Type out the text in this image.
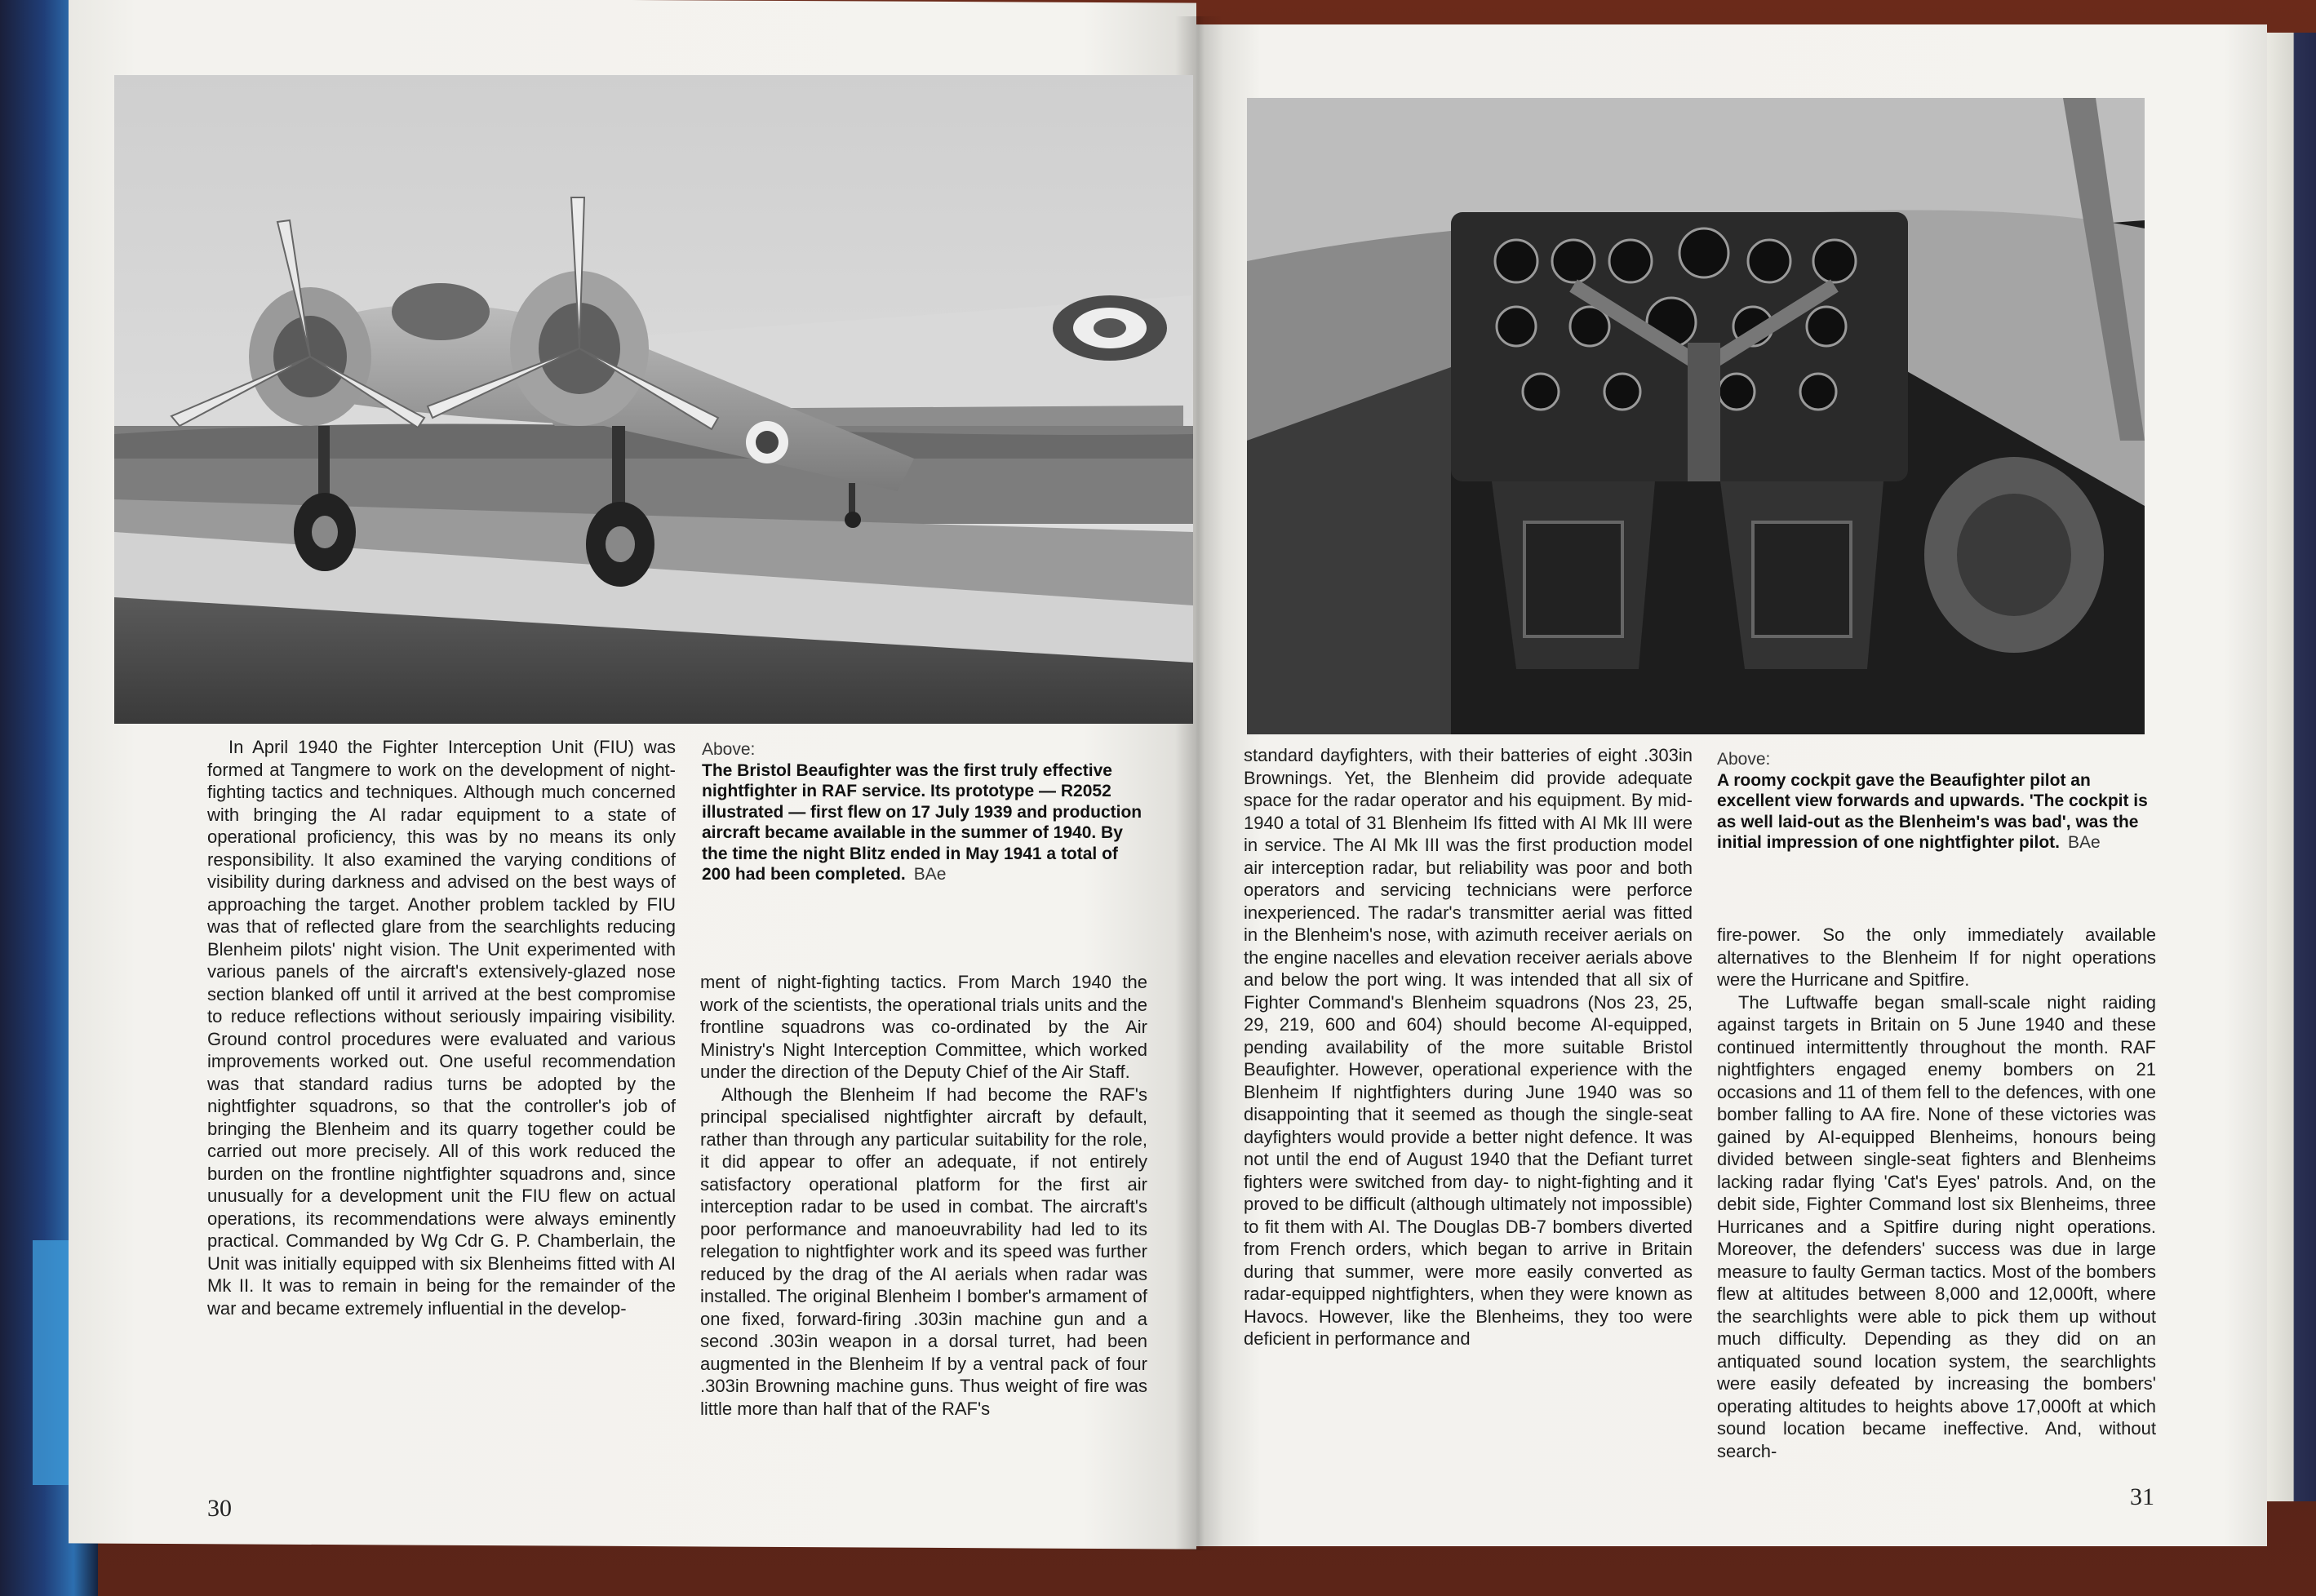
In April 1940 the Fighter Interception Unit (FIU) was formed at Tangmere to work on the development of night-fighting tactics and techniques. Although much concerned with bringing the AI radar equipment to a state of operational proficiency, this was by no means its only responsibility. It also examined the varying conditions of visibility during darkness and advised on the best ways of approaching the target. Another problem tackled by FIU was that of reflected glare from the searchlights reducing Blenheim pilots' night vision. The Unit experimented with various panels of the aircraft's extensively-glazed nose section blanked off until it arrived at the best compromise to reduce reflections without seriously impairing visibility. Ground control procedures were evaluated and various improvements worked out. One useful recommendation was that standard radius turns be adopted by the nightfighter squadrons, so that the controller's job of bringing the Blenheim and its quarry together could be carried out more precisely. All of this work reduced the burden on the frontline nightfighter squadrons and, since unusually for a development unit the FIU flew on actual operations, its recommendations were always eminently practical. Commanded by Wg Cdr G. P. Chamberlain, the Unit was initially equipped with six Blenheims fitted with AI Mk II. It was to remain in being for the remainder of the war and became extremely influential in the develop-

Above:
The Bristol Beaufighter was the first truly effective nightfighter in RAF service. Its prototype — R2052 illustrated — first flew on 17 July 1939 and production aircraft became available in the summer of 1940. By the time the night Blitz ended in May 1941 a total of 200 had been completed. BAe

ment of night-fighting tactics. From March 1940 the work of the scientists, the operational trials units and the frontline squadrons was co-ordinated by the Air Ministry's Night Interception Committee, which worked under the direction of the Deputy Chief of the Air Staff.

Although the Blenheim If had become the RAF's principal specialised nightfighter aircraft by default, rather than through any particular suitability for the role, it did appear to offer an adequate, if not entirely satisfactory operational platform for the first air interception radar to be used in combat. The aircraft's poor performance and manoeuvrability had led to its relegation to nightfighter work and its speed was further reduced by the drag of the AI aerials when radar was installed. The original Blenheim I bomber's armament of one fixed, forward-firing .303in machine gun and a second .303in weapon in a dorsal turret, had been augmented in the Blenheim If by a ventral pack of four .303in Browning machine guns. Thus weight of fire was little more than half that of the RAF's

30

standard dayfighters, with their batteries of eight .303in Brownings. Yet, the Blenheim did provide adequate space for the radar operator and his equipment. By mid-1940 a total of 31 Blenheim Ifs fitted with AI Mk III were in service. The AI Mk III was the first production model air interception radar, but reliability was poor and both operators and servicing technicians were perforce inexperienced. The radar's transmitter aerial was fitted in the Blenheim's nose, with azimuth receiver aerials on the engine nacelles and elevation receiver aerials above and below the port wing. It was intended that all six of Fighter Command's Blenheim squadrons (Nos 23, 25, 29, 219, 600 and 604) should become AI-equipped, pending availability of the more suitable Bristol Beaufighter. However, operational experience with the Blenheim If nightfighters during June 1940 was so disappointing that it seemed as though the single-seat dayfighters would provide a better night defence. It was not until the end of August 1940 that the Defiant turret fighters were switched from day- to night-fighting and it proved to be difficult (although ultimately not impossible) to fit them with AI. The Douglas DB-7 bombers diverted from French orders, which began to arrive in Britain during that summer, were more easily converted as radar-equipped nightfighters, when they were known as Havocs. However, like the Blenheims, they too were deficient in performance and

Above:
A roomy cockpit gave the Beaufighter pilot an excellent view forwards and upwards. 'The cockpit is as well laid-out as the Blenheim's was bad', was the initial impression of one nightfighter pilot. BAe

fire-power. So the only immediately available alternatives to the Blenheim If for night operations were the Hurricane and Spitfire.

The Luftwaffe began small-scale night raiding against targets in Britain on 5 June 1940 and these continued intermittently throughout the month. RAF nightfighters engaged enemy bombers on 21 occasions and 11 of them fell to the defences, with one bomber falling to AA fire. None of these victories was gained by AI-equipped Blenheims, honours being divided between single-seat fighters and Blenheims lacking radar flying 'Cat's Eyes' patrols. And, on the debit side, Fighter Command lost six Blenheims, three Hurricanes and a Spitfire during night operations. Moreover, the defenders' success was due in large measure to faulty German tactics. Most of the bombers flew at altitudes between 8,000 and 12,000ft, where the searchlights were able to pick them up without much difficulty. Depending as they did on an antiquated sound location system, the searchlights were easily defeated by increasing the bombers' operating altitudes to heights above 17,000ft at which sound location became ineffective. And, without search-

31
